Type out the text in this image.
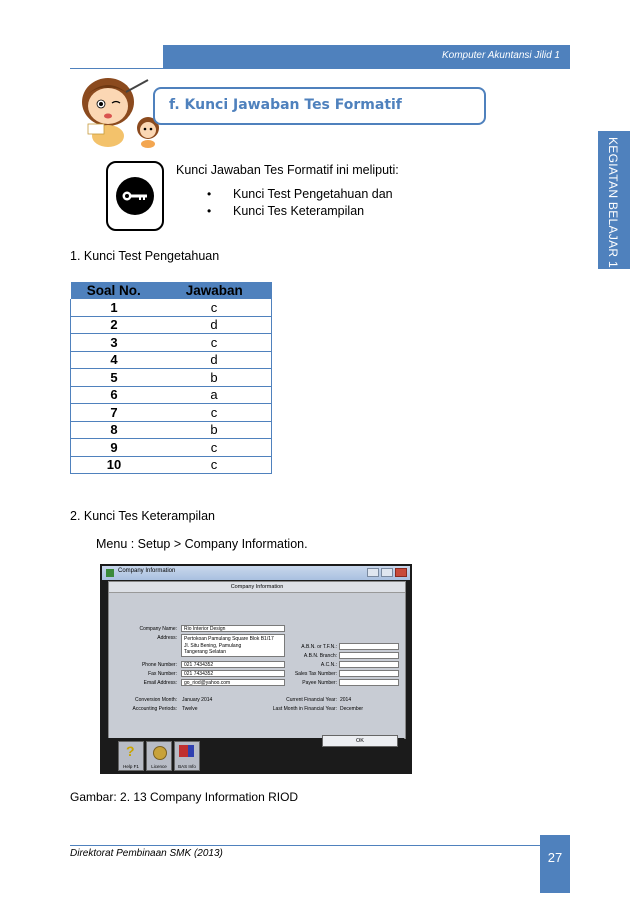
Komputer Akuntansi Jilid 1
KEGIATAN BELAJAR 1
f. Kunci Jawaban Tes Formatif
Kunci Jawaban Tes Formatif ini meliputi:
• Kunci Test Pengetahuan dan
• Kunci Tes Keterampilan
1. Kunci Test Pengetahuan
Soal No.	Jawaban
1	c
2	d
3	c
4	d
5	b
6	a
7	c
8	b
9	c
10	c
2. Kunci Tes Keterampilan
Menu : Setup > Company Information.
Company Information
Company Information
Company Name:	Rio Interior Design
Address: Pertokoan Pamulang Square Blok B1/17
Jl. Situ Bening, Pamulang
Tangerang Selatan
Phone Number:	021 7434352
Fax Number:	021 7434352
Email Address:	go_riod@yahoo.com
A.B.N. or T.F.N.:
A.B.N. Branch:
A.C.N.:
Sales Tax Number:
Payee Number:
Conversion Month: January 2014
Accounting Periods: Twelve
Current Financial Year: 2014
Last Month in Financial Year: December
?
Help F1	Licence	BAS Info
OK
Gambar: 2. 13 Company Information RIOD
Direktorat Pembinaan SMK (2013)	27
